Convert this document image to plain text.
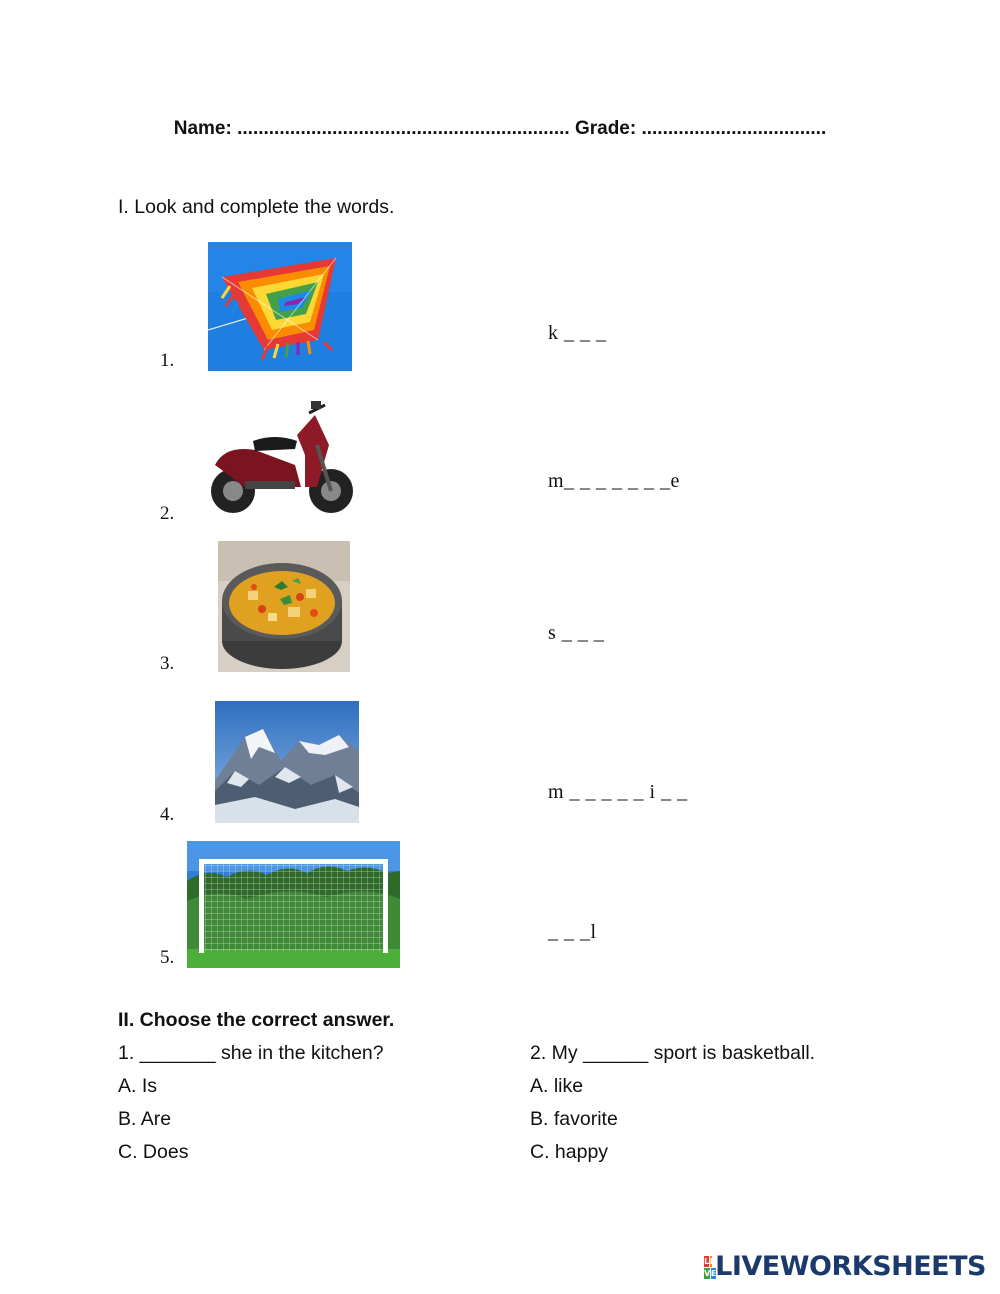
Name: ............................................................... Grade: ...................................
I. Look and complete the words.
1.
k _ _ _
2.
m_ _ _ _ _ _ _e
3.
s _ _ _
4.
m _ _ _ _ _ i _ _
5.
_ _ _l
II. Choose the correct answer.
1. _______ she in the kitchen?
A. Is
B. Are
C. Does
2. My ______ sport is basketball.
A. like
B. favorite
C. happy
L I
V E LIVEWORKSHEETS
